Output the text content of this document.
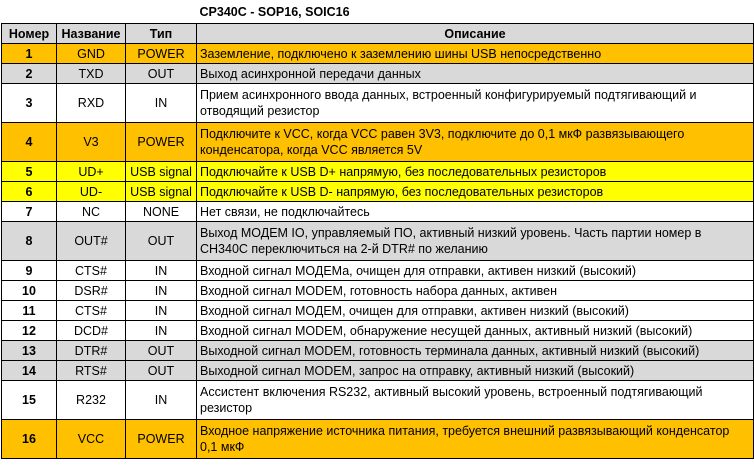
			CP340C - SOP16, SOIC16
Номер	Название	Тип	Описание
1	GND	POWER	Заземление, подключено к заземлению шины USB непосредственно
2	TXD	OUT	Выход асинхронной передачи данных
3	RXD	IN	Прием асинхронного ввода данных, встроенный конфигурируемый подтягивающий и отводящий резистор
4	V3	POWER	Подключите к VCC, когда VCC равен 3V3, подключите до 0,1 мкФ развязывающего конденсатора, когда VCC является 5V
5	UD+	USB signal	Подключайте к USB D+ напрямую, без последовательных резисторов
6	UD-	USB signal	Подключайте к USB D- напрямую, без последовательных резисторов
7	NC	NONE	Нет связи, не подключайтесь
8	OUT#	OUT	Выход МОДЕМ IO, управляемый ПО, активный низкий уровень. Часть партии номер в CH340C переключиться на 2-й DTR# по желанию
9	CTS#	IN	Входной сигнал МОДЕМа, очищен для отправки, активен низкий (высокий)
10	DSR#	IN	Входной сигнал MODEM, готовность набора данных, активен
11	CTS#	IN	Входной сигнал МОДЕМ, очищен для отправки, активен низкий (высокий)
12	DCD#	IN	Входной сигнал MODEM, обнаружение несущей данных, активный низкий (высокий)
13	DTR#	OUT	Выходной сигнал MODEM, готовность терминала данных, активный низкий (высокий)
14	RTS#	OUT	Выходной сигнал MODEM, запрос на отправку, активный низкий (высокий)
15	R232	IN	Ассистент включения RS232, активный высокий уровень, встроенный подтягивающий резистор
16	VCC	POWER	Входное напряжение источника питания, требуется внешний развязывающий конденсатор 0,1 мкФ
